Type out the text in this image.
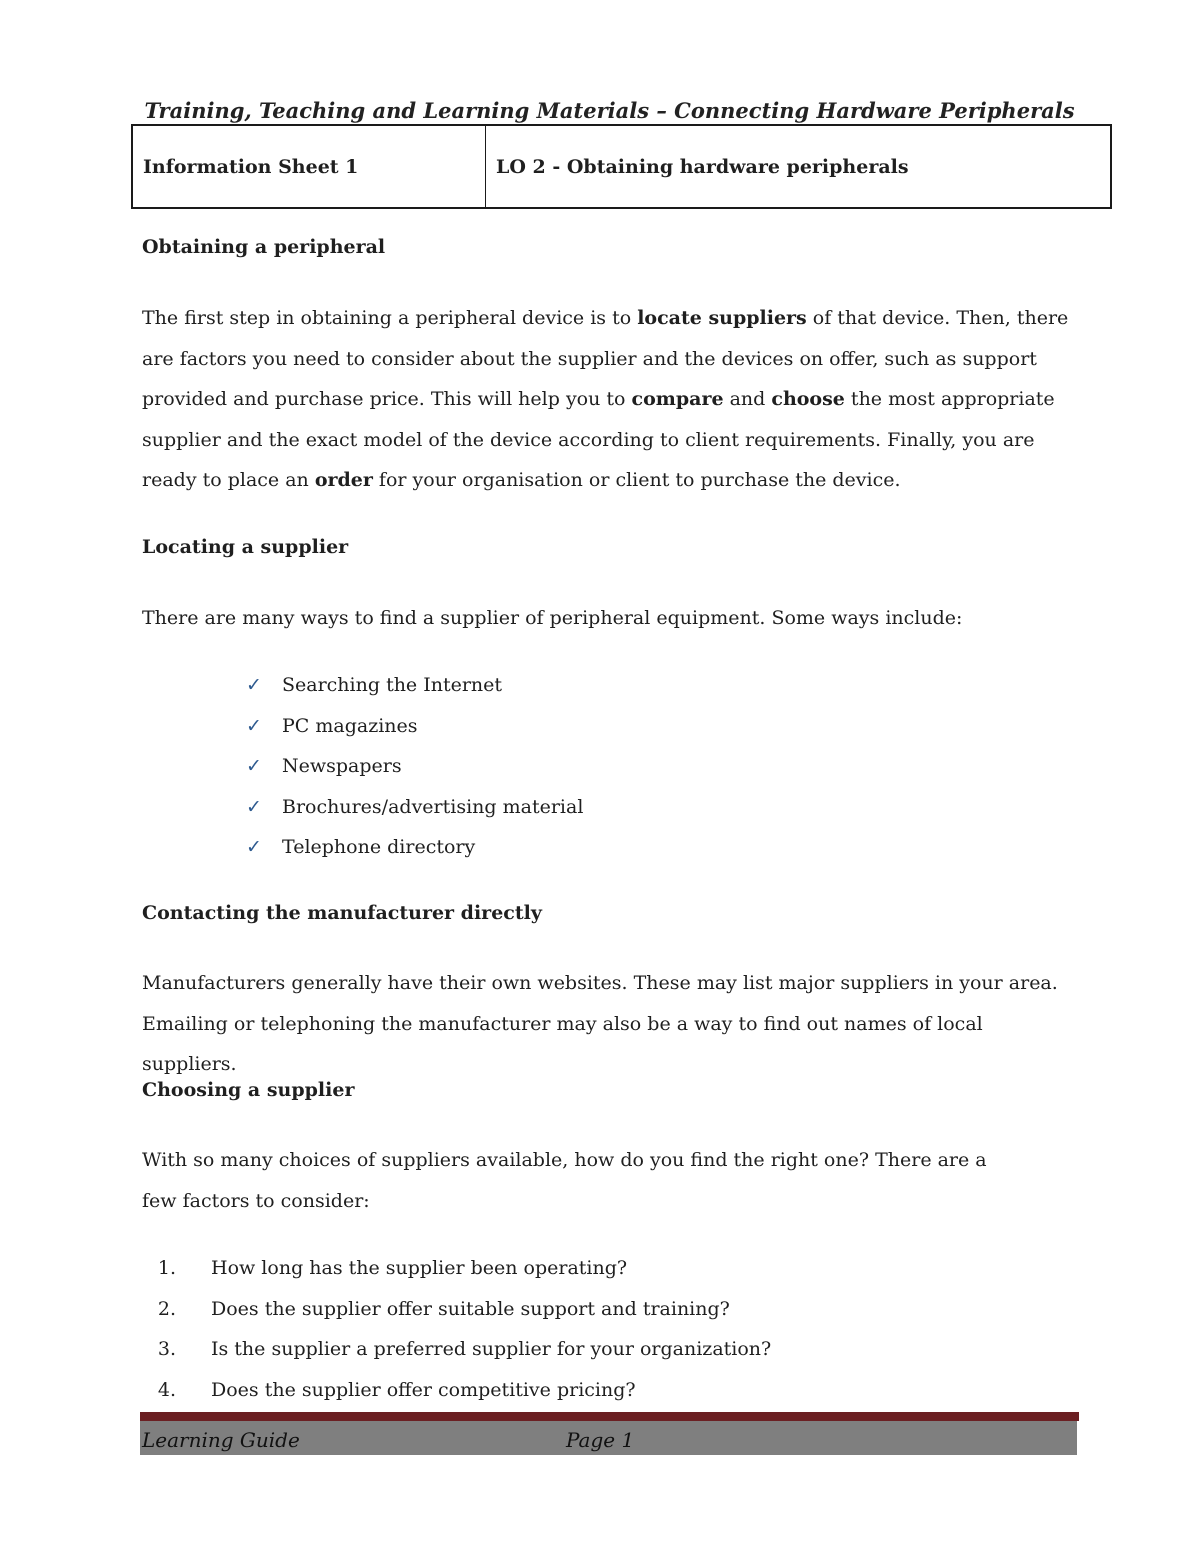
Training, Teaching and Learning Materials – Connecting Hardware Peripherals

Information Sheet 1	LO 2 - Obtaining hardware peripherals
Obtaining a peripheral

The first step in obtaining a peripheral device is to locate suppliers of that device. Then, there are factors you need to consider about the supplier and the devices on offer, such as support provided and purchase price. This will help you to compare and choose the most appropriate supplier and the exact model of the device according to client requirements. Finally, you are ready to place an order for your organisation or client to purchase the device.

Locating a supplier

There are many ways to find a supplier of peripheral equipment. Some ways include:

✓	Searching the Internet
✓	PC magazines
✓	Newspapers
✓	Brochures/advertising material
✓	Telephone directory
Contacting the manufacturer directly

Manufacturers generally have their own websites. These may list major suppliers in your area. Emailing or telephoning the manufacturer may also be a way to find out names of local suppliers.

Choosing a supplier

With so many choices of suppliers available, how do you find the right one? There are a few factors to consider:

1.	How long has the supplier been operating?
2.	Does the supplier offer suitable support and training?
3.	Is the supplier a preferred supplier for your organization?
4.	Does the supplier offer competitive pricing?
Learning Guide	Page 1
